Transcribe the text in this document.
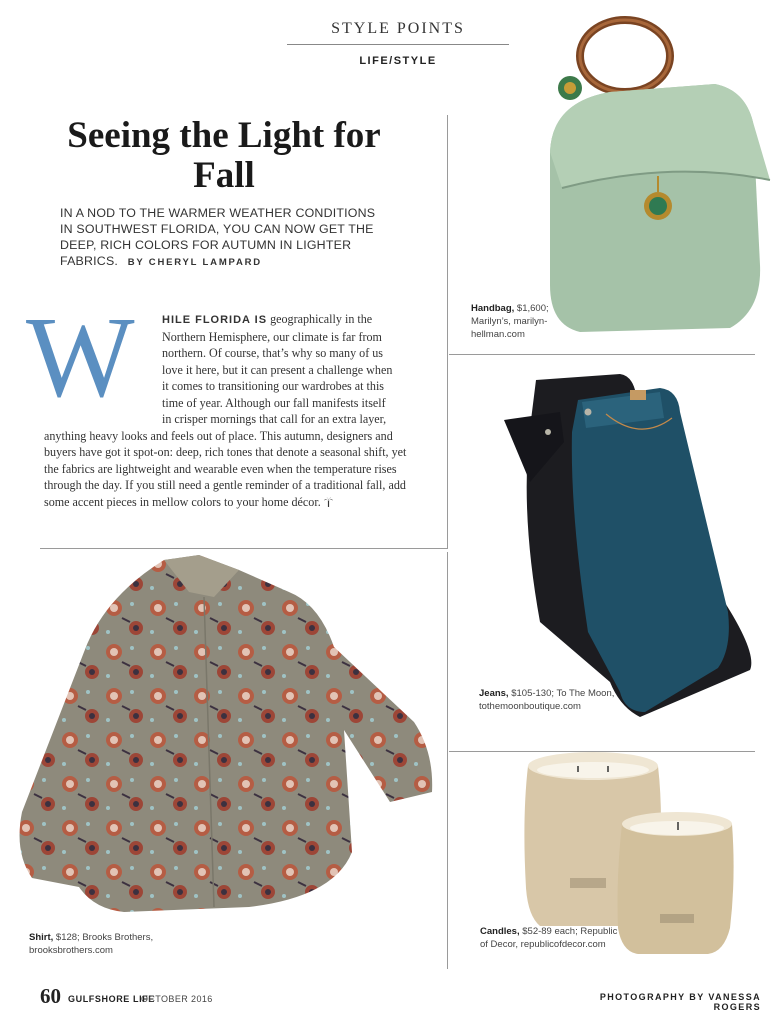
STYLE POINTS
LIFE/STYLE
Seeing the Light for Fall
IN A NOD TO THE WARMER WEATHER CONDITIONS IN SOUTHWEST FLORIDA, YOU CAN NOW GET THE DEEP, RICH COLORS FOR AUTUMN IN LIGHTER FABRICS. BY CHERYL LAMPARD
W	HILE FLORIDA IS geographically in the
Northern Hemisphere, our climate is far from
northern. Of course, that’s why so many of us
love it here, but it can present a challenge when
it comes to transitioning our wardrobes at this
time of year. Although our fall manifests itself
in crisper mornings that call for an extra layer,
anything heavy looks and feels out of place. This autumn, designers and
buyers have got it spot-on: deep, rich tones that denote a seasonal shift, yet
the fabrics are lightweight and wearable even when the temperature rises
through the day. If you still need a gentle reminder of a traditional fall, add
some accent pieces in mellow colors to your home décor.
Handbag, $1,600;
Marilyn’s, marilyn-
hellman.com
Jeans, $105-130; To The Moon,
tothemoonboutique.com
Shirt, $128; Brooks Brothers,
brooksbrothers.com
Candles, $52-89 each; Republic
of Decor, republicofdecor.com
60 GULFSHORE LIFE
OCTOBER 2016	PHOTOGRAPHY BY VANESSA ROGERS
